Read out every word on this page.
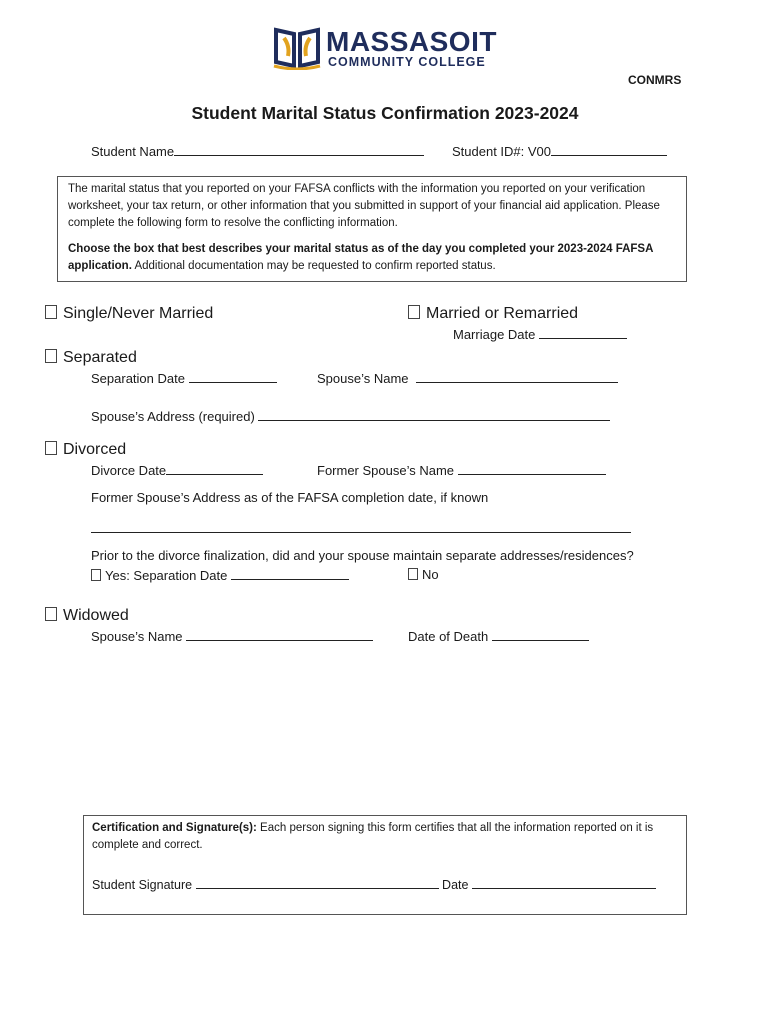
MASSASOIT
COMMUNITY COLLEGE
CONMRS
Student Marital Status Confirmation 2023-2024
Student Name	Student ID#: V00

The marital status that you reported on your FAFSA conflicts with the information you reported on your verification worksheet, your tax return, or other information that you submitted in support of your financial aid application. Please complete the following form to resolve the conflicting information.

Choose the box that best describes your marital status as of the day you completed your 2023-2024 FAFSA application. Additional documentation may be requested to confirm reported status.

Single/Never Married	Married or Remarried
Marriage Date
Separated
Separation Date	Spouse’s Name
Spouse’s Address (required)
Divorced
Divorce Date	Former Spouse’s Name
Former Spouse’s Address as of the FAFSA completion date, if known
Prior to the divorce finalization, did and your spouse maintain separate addresses/residences?
Yes: Separation Date	No
Widowed
Spouse’s Name	Date of Death

Certification and Signature(s): Each person signing this form certifies that all the information reported on it is complete and correct.

Student Signature	Date
